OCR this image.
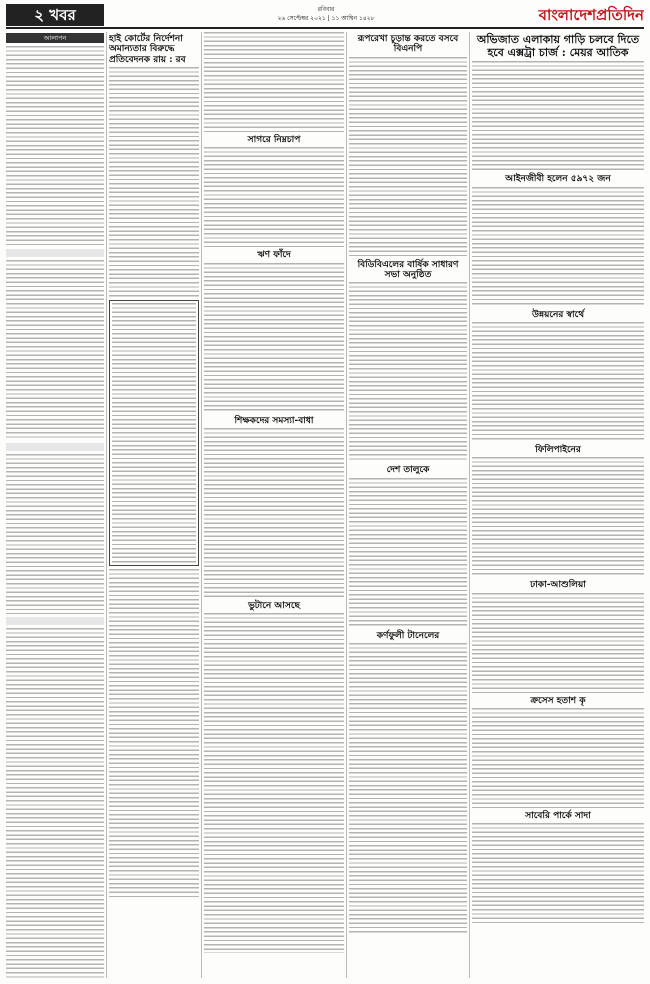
২ খবর	রবিবার
২৬ সেপ্টেম্বর ২০২১ | ১১ আশ্বিন ১৪২৮	বাংলাদেশপ্রতিদিন
আলাপন	হাই কোর্টের নির্দেশনা অমান্যতার বিরুদ্ধে প্রতিবেদনক রায় : রব
সাগরে নিম্নচাপ
ঋণ ফাঁদে
শিক্ষকদের সমস্যা-বাধা
ভুটানে আসছে
রূপরেখা চূড়ান্ত করতে বসবে বিএনপি
বিডিবিএলের বার্ষিক সাধারণ সভা অনুষ্ঠিত
দেশ তালুকে
কর্ণফুলী টানেলের
অভিজাত এলাকায় গাড়ি চলবে দিতে হবে এক্সট্রা চার্জ : মেয়র আতিক
আইনজীবী হলেন ৫৯৭২ জন
উন্নয়নের স্বার্থে
ফিলিপাইনের
ঢাকা-আশুলিয়া
ক্রসেস হতাশ কৃ
সাবেরি পার্কে সাদা
